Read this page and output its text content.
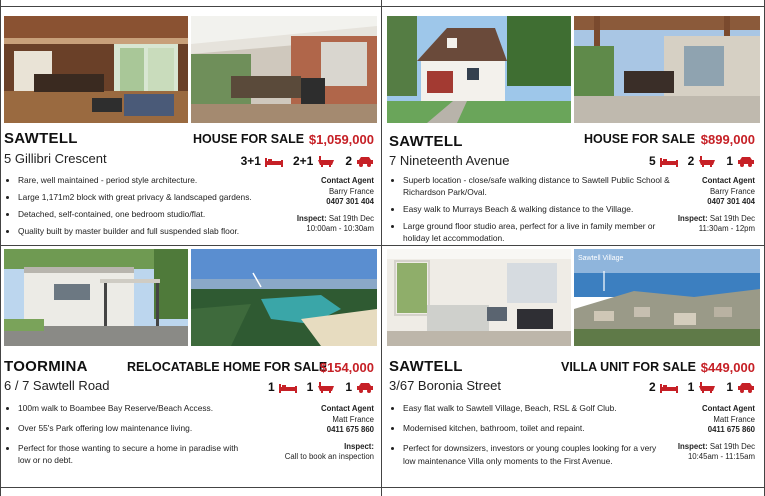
SAWTELL	HOUSE FOR SALE $1,059,000
5 Gillibri Crescent	3+1	2+1	2
• Rare, well maintained - period style architecture.
• Large 1,171m2 block with great privacy & landscaped gardens.
• Detached, self-contained, one bedroom studio/flat.
• Quality built by master builder and full suspended slab floor.
Contact Agent
Barry France
0407 301 404
Inspect: Sat 19th Dec
10:00am - 10:30am
SAWTELL	HOUSE FOR SALE $899,000
7 Nineteenth Avenue	5	2	1
• Superb location - close/safe walking distance to Sawtell Public School & Richardson Park/Oval.
• Easy walk to Murrays Beach & walking distance to the Village.
• Large ground floor studio area, perfect for a live in family member or holiday let accommodation.
Contact Agent
Barry France
0407 301 404
Inspect: Sat 19th Dec
11:30am - 12pm
TOORMINA	RELOCATABLE HOME FOR SALE
$154,000
6 / 7 Sawtell Road	1	1	1
• 100m walk to Boambee Bay Reserve/Beach Access.
• Over 55's Park offering low maintenance living.
• Perfect for those wanting to secure a home in paradise with low or no debt.
Contact Agent
Matt France
0411 675 860
Inspect:
Call to book an inspection
Sawtell Village
SAWTELL	VILLA UNIT FOR SALE $449,000
3/67 Boronia Street	2	1	1
• Easy flat walk to Sawtell Village, Beach, RSL & Golf Club.
• Modernised kitchen, bathroom, toilet and repaint.
• Perfect for downsizers, investors or young couples looking for a very low maintenance Villa only moments to the First Avenue.
Contact Agent
Matt France
0411 675 860
Inspect: Sat 19th Dec
10:45am - 11:15am
